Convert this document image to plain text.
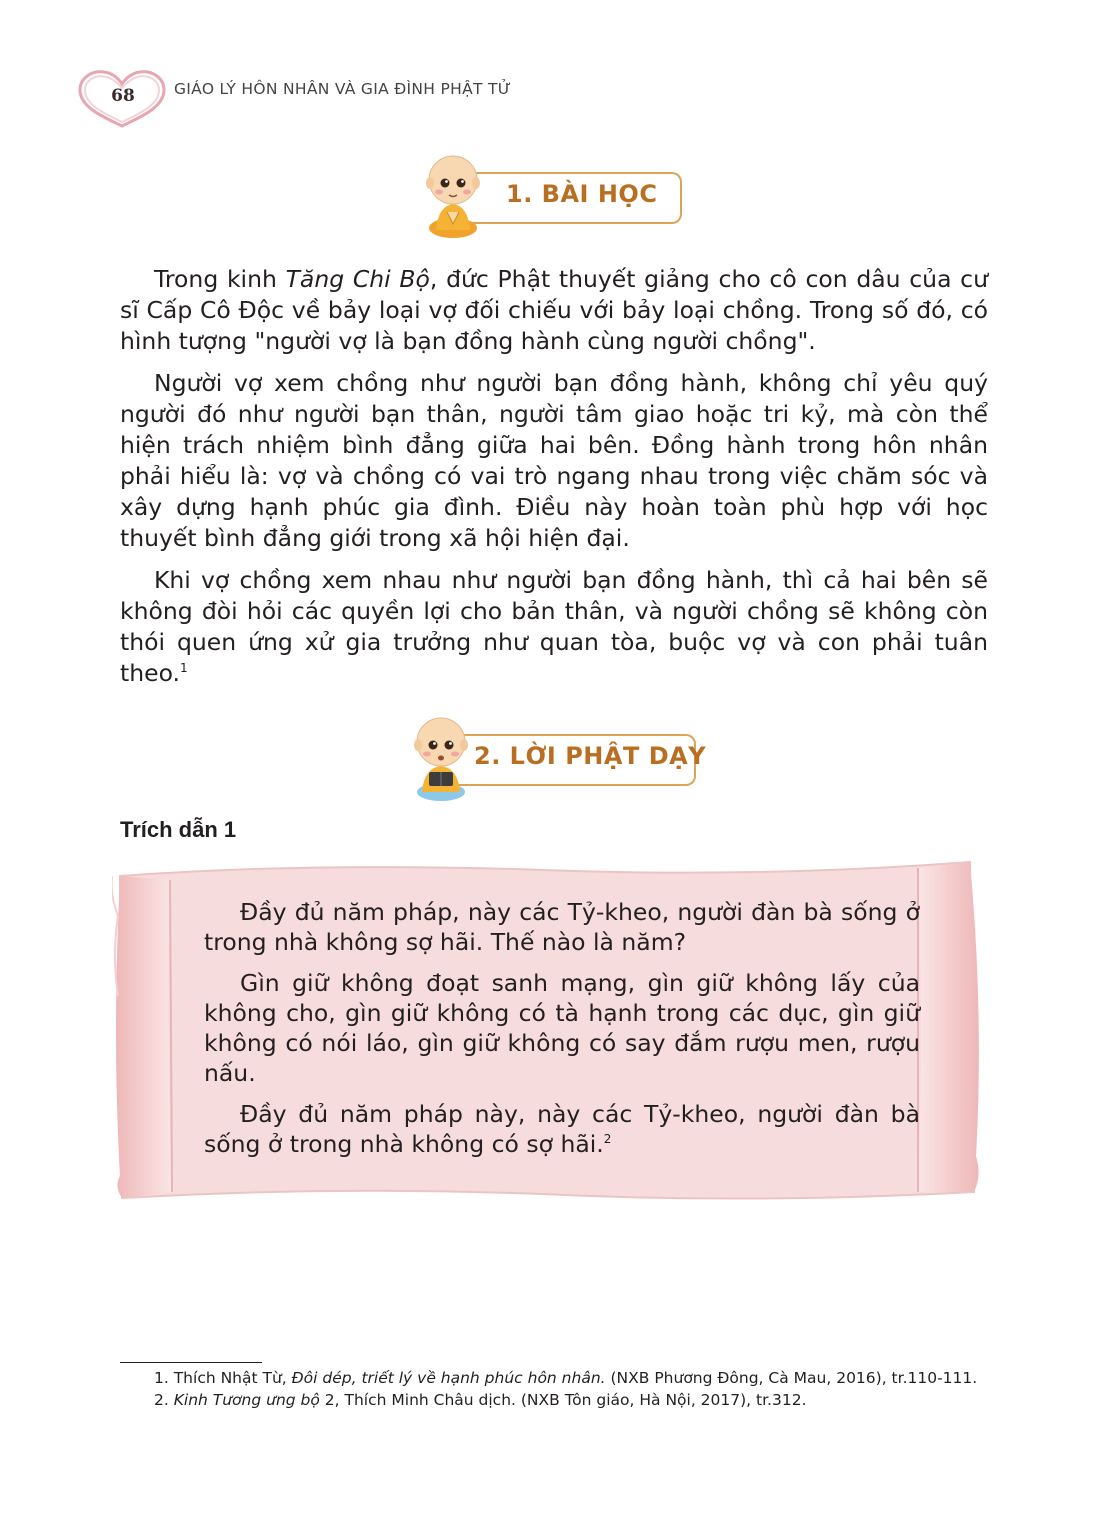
68	GIÁO LÝ HÔN NHÂN VÀ GIA ĐÌNH PHẬT TỬ
1. BÀI HỌC

Trong kinh Tăng Chi Bộ, đức Phật thuyết giảng cho cô con dâu của cư sĩ Cấp Cô Độc về bảy loại vợ đối chiếu với bảy loại chồng. Trong số đó, có hình tượng "người vợ là bạn đồng hành cùng người chồng".

Người vợ xem chồng như người bạn đồng hành, không chỉ yêu quý người đó như người bạn thân, người tâm giao hoặc tri kỷ, mà còn thể hiện trách nhiệm bình đẳng giữa hai bên. Đồng hành trong hôn nhân phải hiểu là: vợ và chồng có vai trò ngang nhau trong việc chăm sóc và xây dựng hạnh phúc gia đình. Điều này hoàn toàn phù hợp với học thuyết bình đẳng giới trong xã hội hiện đại.

Khi vợ chồng xem nhau như người bạn đồng hành, thì cả hai bên sẽ không đòi hỏi các quyền lợi cho bản thân, và người chồng sẽ không còn thói quen ứng xử gia trưởng như quan tòa, buộc vợ và con phải tuân theo.$^1$

2. LỜI PHẬT DẠY
Trích dẫn 1

Đầy đủ năm pháp, này các Tỷ-kheo, người đàn bà sống ở trong nhà không sợ hãi. Thế nào là năm?

Gìn giữ không đoạt sanh mạng, gìn giữ không lấy của không cho, gìn giữ không có tà hạnh trong các dục, gìn giữ không có nói láo, gìn giữ không có say đắm rượu men, rượu nấu.

Đầy đủ năm pháp này, này các Tỷ-kheo, người đàn bà sống ở trong nhà không có sợ hãi.$^2$

1. Thích Nhật Từ, Đôi dép, triết lý về hạnh phúc hôn nhân. (NXB Phương Đông, Cà Mau, 2016), tr.110-111.

2. Kinh Tương ưng bộ 2, Thích Minh Châu dịch. (NXB Tôn giáo, Hà Nội, 2017), tr.312.
